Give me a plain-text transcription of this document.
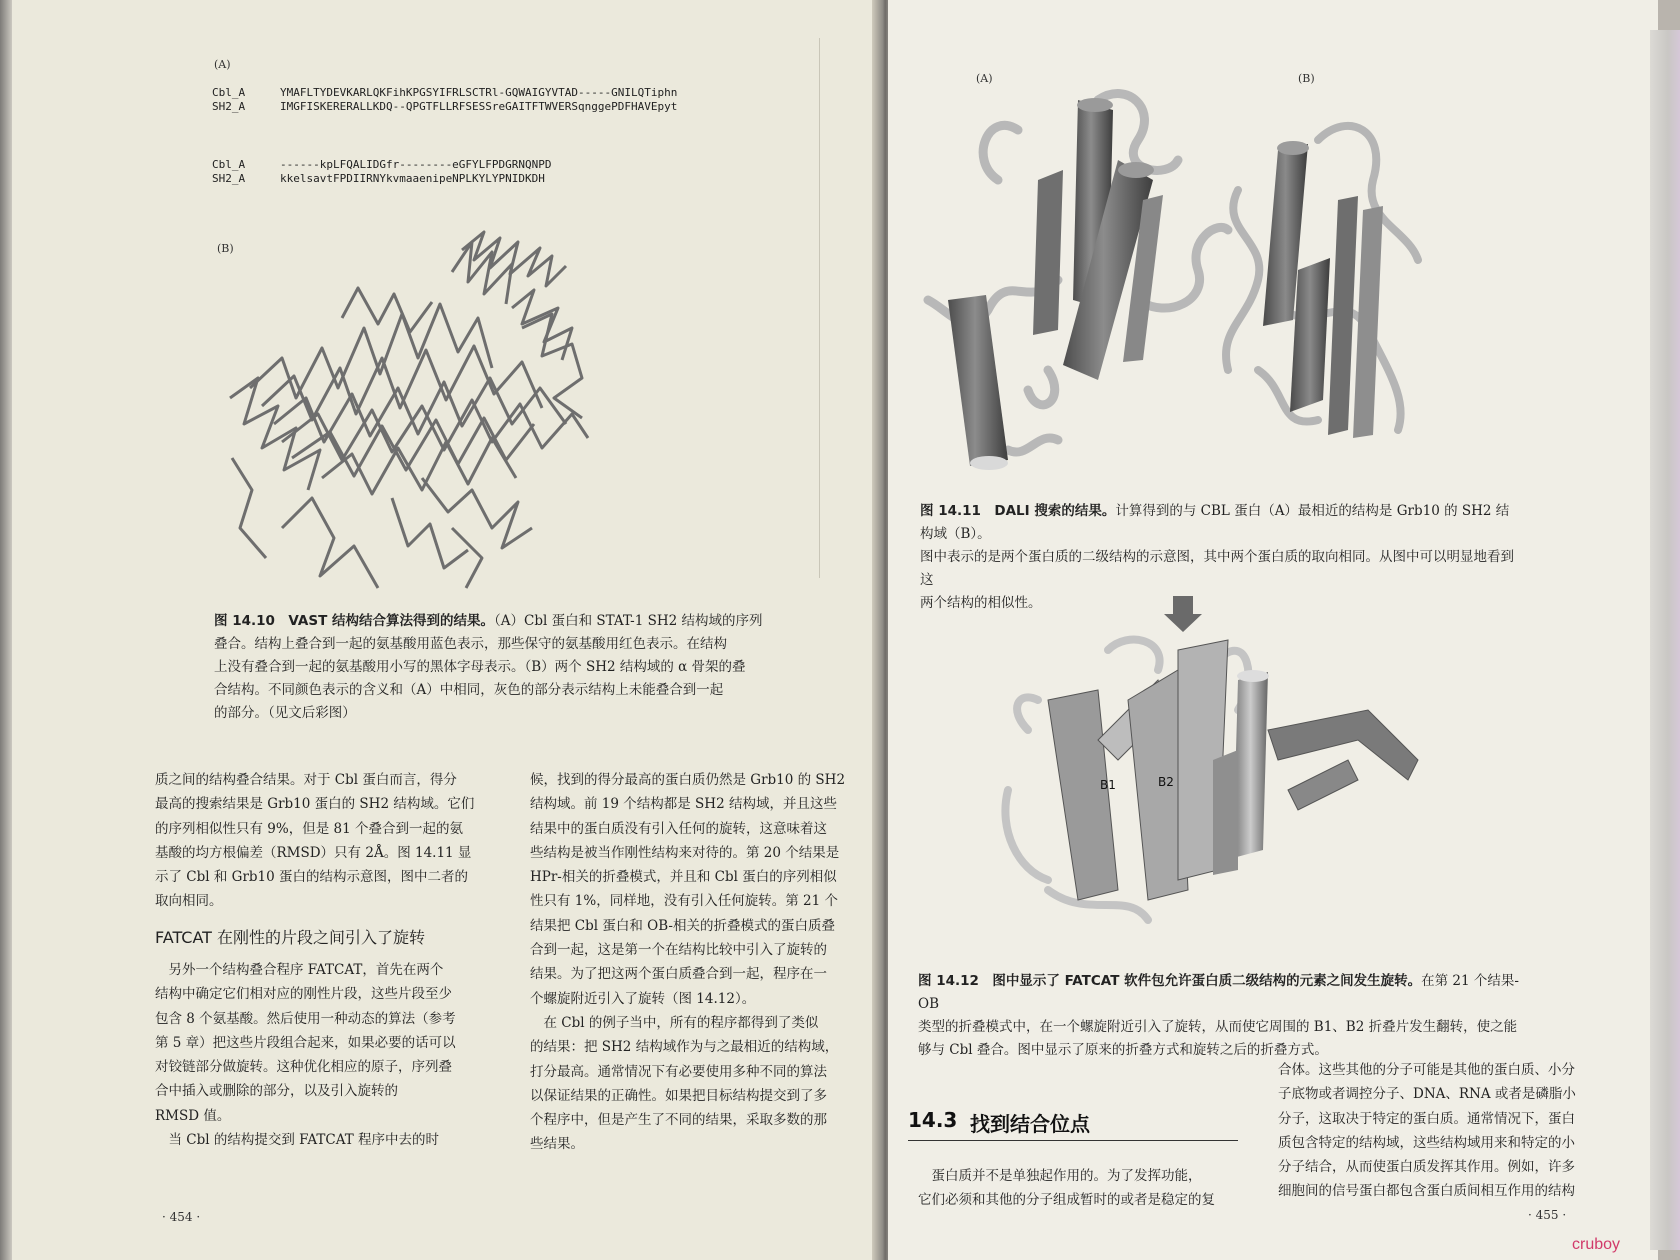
(A)
Cbl_A	YMAFLTYDEVKARLQKFihKPGSYIFRLSCTRl-GQWAIGYVTAD-----GNILQTiphn
SH2_A	IMGFISKERERALLKDQ--QPGTFLLRFSESSreGAITFTWVERSqnggePDFHAVEpyt
Cbl_A	------kpLFQALIDGfr--------eGFYLFPDGRNQNPD
SH2_A	kkelsavtFPDIIRNYkvmaaenipeNPLKYLYPNIDKDH
(B)
图 14.10　VAST 结构结合算法得到的结果。（A）Cbl 蛋白和 STAT-1 SH2 结构域的序列
叠合。结构上叠合到一起的氨基酸用蓝色表示，那些保守的氨基酸用红色表示。在结构
上没有叠合到一起的氨基酸用小写的黑体字母表示。（B）两个 SH2 结构域的 α 骨架的叠
合结构。不同颜色表示的含义和（A）中相同，灰色的部分表示结构上未能叠合到一起
的部分。（见文后彩图）
质之间的结构叠合结果。对于 Cbl 蛋白而言，得分
最高的搜索结果是 Grb10 蛋白的 SH2 结构域。它们
的序列相似性只有 9%，但是 81 个叠合到一起的氨
基酸的均方根偏差（RMSD）只有 2Å。图 14.11 显
示了 Cbl 和 Grb10 蛋白的结构示意图，图中二者的
取向相同。
FATCAT 在刚性的片段之间引入了旋转
　另外一个结构叠合程序 FATCAT，首先在两个
结构中确定它们相对应的刚性片段，这些片段至少
包含 8 个氨基酸。然后使用一种动态的算法（参考
第 5 章）把这些片段组合起来，如果必要的话可以
对铰链部分做旋转。这种优化相应的原子，序列叠
合中插入或删除的部分，以及引入旋转的
RMSD 值。
　当 Cbl 的结构提交到 FATCAT 程序中去的时
候，找到的得分最高的蛋白质仍然是 Grb10 的 SH2
结构域。前 19 个结构都是 SH2 结构域，并且这些
结果中的蛋白质没有引入任何的旋转，这意味着这
些结构是被当作刚性结构来对待的。第 20 个结果是
HPr-相关的折叠模式，并且和 Cbl 蛋白的序列相似
性只有 1%，同样地，没有引入任何旋转。第 21 个
结果把 Cbl 蛋白和 OB-相关的折叠模式的蛋白质叠
合到一起，这是第一个在结构比较中引入了旋转的
结果。为了把这两个蛋白质叠合到一起，程序在一
个螺旋附近引入了旋转（图 14.12）。
　在 Cbl 的例子当中，所有的程序都得到了类似
的结果：把 SH2 结构域作为与之最相近的结构域，
打分最高。通常情况下有必要使用多种不同的算法
以保证结果的正确性。如果把目标结构提交到了多
个程序中，但是产生了不同的结果，采取多数的那
些结果。
· 454 ·
(A)	(B)
图 14.11　DALI 搜索的结果。计算得到的与 CBL 蛋白（A）最相近的结构是 Grb10 的 SH2 结构域（B）。
图中表示的是两个蛋白质的二级结构的示意图，其中两个蛋白质的取向相同。从图中可以明显地看到这
两个结构的相似性。
B1	B2
图 14.12　图中显示了 FATCAT 软件包允许蛋白质二级结构的元素之间发生旋转。在第 21 个结果-OB
类型的折叠模式中，在一个螺旋附近引入了旋转，从而使它周围的 B1、B2 折叠片发生翻转，使之能
够与 Cbl 叠合。图中显示了原来的折叠方式和旋转之后的折叠方式。
14.3 找到结合位点
　蛋白质并不是单独起作用的。为了发挥功能，
它们必须和其他的分子组成暂时的或者是稳定的复
合体。这些其他的分子可能是其他的蛋白质、小分
子底物或者调控分子、DNA、RNA 或者是磷脂小
分子，这取决于特定的蛋白质。通常情况下，蛋白
质包含特定的结构域，这些结构域用来和特定的小
分子结合，从而使蛋白质发挥其作用。例如，许多
细胞间的信号蛋白都包含蛋白质间相互作用的结构
· 455 ·
cruboy
